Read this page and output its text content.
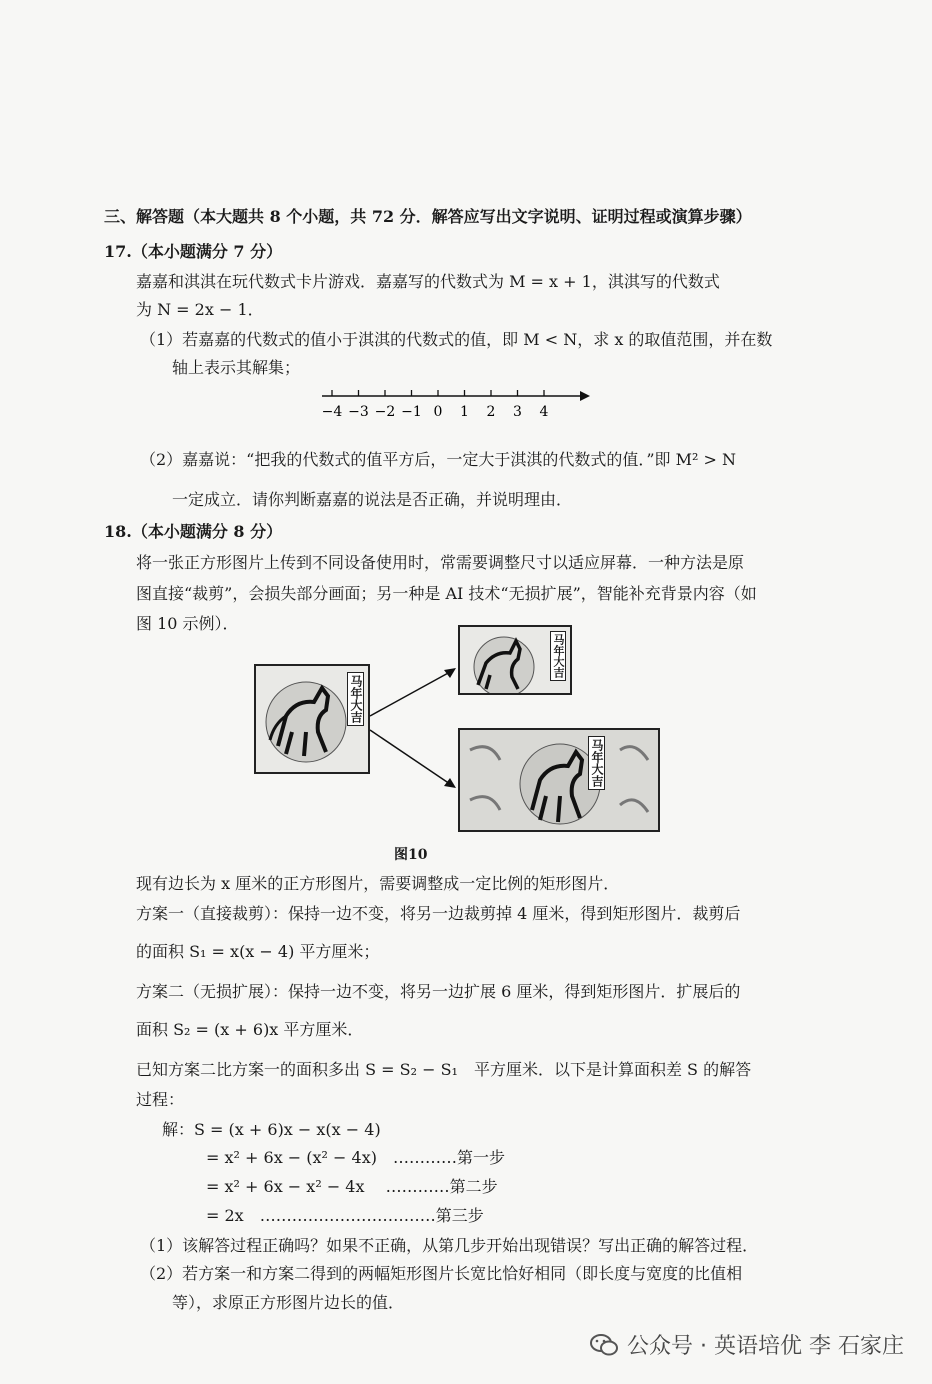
三、解答题（本大题共 8 个小题，共 72 分．解答应写出文字说明、证明过程或演算步骤）
17.（本小题满分 7 分）
嘉嘉和淇淇在玩代数式卡片游戏．嘉嘉写的代数式为 M = x + 1，淇淇写的代数式
为 N = 2x − 1．
（1）若嘉嘉的代数式的值小于淇淇的代数式的值，即 M < N，求 x 的取值范围，并在数
轴上表示其解集；
−4 −3 −2 −1 0 1 2 3 4
（2）嘉嘉说：“把我的代数式的值平方后，一定大于淇淇的代数式的值．”即 M² > N
一定成立．请你判断嘉嘉的说法是否正确，并说明理由．
18.（本小题满分 8 分）
将一张正方形图片上传到不同设备使用时，常需要调整尺寸以适应屏幕．一种方法是原
图直接“裁剪”，会损失部分画面；另一种是 AI 技术“无损扩展”，智能补充背景内容（如
图 10 示例）．
马年大吉
马年大吉
马年大吉
图10
现有边长为 x 厘米的正方形图片，需要调整成一定比例的矩形图片．
方案一（直接裁剪）：保持一边不变，将另一边裁剪掉 4 厘米，得到矩形图片．裁剪后
的面积 S₁ = x(x − 4) 平方厘米；
方案二（无损扩展）：保持一边不变，将另一边扩展 6 厘米，得到矩形图片．扩展后的
面积 S₂ = (x + 6)x 平方厘米．
已知方案二比方案一的面积多出 S = S₂ − S₁　平方厘米．以下是计算面积差 S 的解答
过程：
解：S = (x + 6)x − x(x − 4)
= x² + 6x − (x² − 4x)　…………第一步
= x² + 6x − x² − 4x　 …………第二步
= 2x　……………………………第三步
（1）该解答过程正确吗？如果不正确，从第几步开始出现错误？写出正确的解答过程．
（2）若方案一和方案二得到的两幅矩形图片长宽比恰好相同（即长度与宽度的比值相
等），求原正方形图片边长的值．
公众号 · 英语培优 李 石家庄
